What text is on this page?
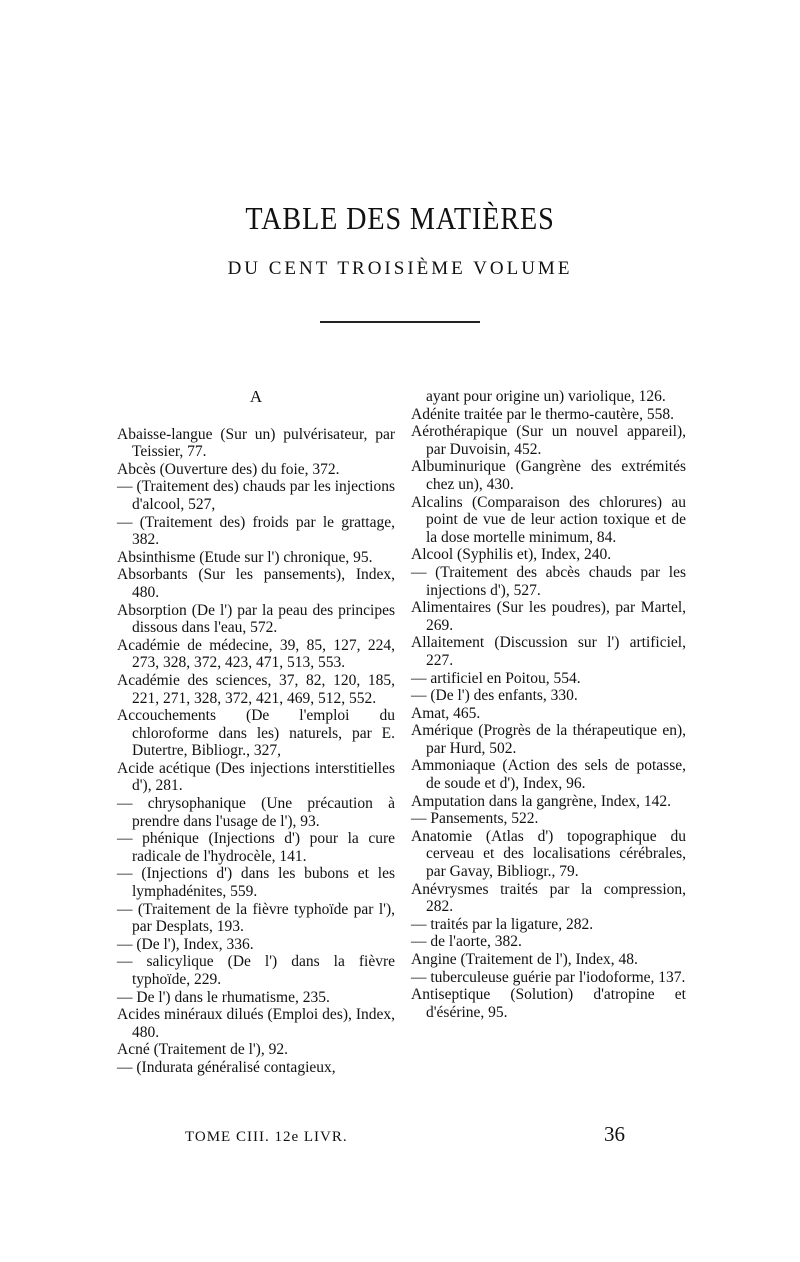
TABLE DES MATIÈRES
DU CENT TROISIÈME VOLUME
A
Abaisse-langue (Sur un) pulvérisateur, par Teissier, 77.
Abcès (Ouverture des) du foie, 372.
— (Traitement des) chauds par les injections d'alcool, 527,
— (Traitement des) froids par le grattage, 382.
Absinthisme (Etude sur l') chronique, 95.
Absorbants (Sur les pansements), Index, 480.
Absorption (De l') par la peau des principes dissous dans l'eau, 572.
Académie de médecine, 39, 85, 127, 224, 273, 328, 372, 423, 471, 513, 553.
Académie des sciences, 37, 82, 120, 185, 221, 271, 328, 372, 421, 469, 512, 552.
Accouchements (De l'emploi du chloroforme dans les) naturels, par E. Dutertre, Bibliogr., 327,
Acide acétique (Des injections interstitielles d'), 281.
— chrysophanique (Une précaution à prendre dans l'usage de l'), 93.
— phénique (Injections d') pour la cure radicale de l'hydrocèle, 141.
— (Injections d') dans les bubons et les lymphadénites, 559.
— (Traitement de la fièvre typhoïde par l'), par Desplats, 193.
— (De l'), Index, 336.
— salicylique (De l') dans la fièvre typhoïde, 229.
— De l') dans le rhumatisme, 235.
Acides minéraux dilués (Emploi des), Index, 480.
Acné (Traitement de l'), 92.
— (Indurata généralisé contagieux,
ayant pour origine un) variolique, 126.
Adénite traitée par le thermo-cautère, 558.
Aérothérapique (Sur un nouvel appareil), par Duvoisin, 452.
Albuminurique (Gangrène des extrémités chez un), 430.
Alcalins (Comparaison des chlorures) au point de vue de leur action toxique et de la dose mortelle minimum, 84.
Alcool (Syphilis et), Index, 240.
— (Traitement des abcès chauds par les injections d'), 527.
Alimentaires (Sur les poudres), par Martel, 269.
Allaitement (Discussion sur l') artificiel, 227.
— artificiel en Poitou, 554.
— (De l') des enfants, 330.
Amat, 465.
Amérique (Progrès de la thérapeutique en), par Hurd, 502.
Ammoniaque (Action des sels de potasse, de soude et d'), Index, 96.
Amputation dans la gangrène, Index, 142.
— Pansements, 522.
Anatomie (Atlas d') topographique du cerveau et des localisations cérébrales, par Gavay, Bibliogr., 79.
Anévrysmes traités par la compression, 282.
— traités par la ligature, 282.
— de l'aorte, 382.
Angine (Traitement de l'), Index, 48.
— tuberculeuse guérie par l'iodoforme, 137.
Antiseptique (Solution) d'atropine et d'ésérine, 95.
TOME CIII. 12e LIVR.	36
